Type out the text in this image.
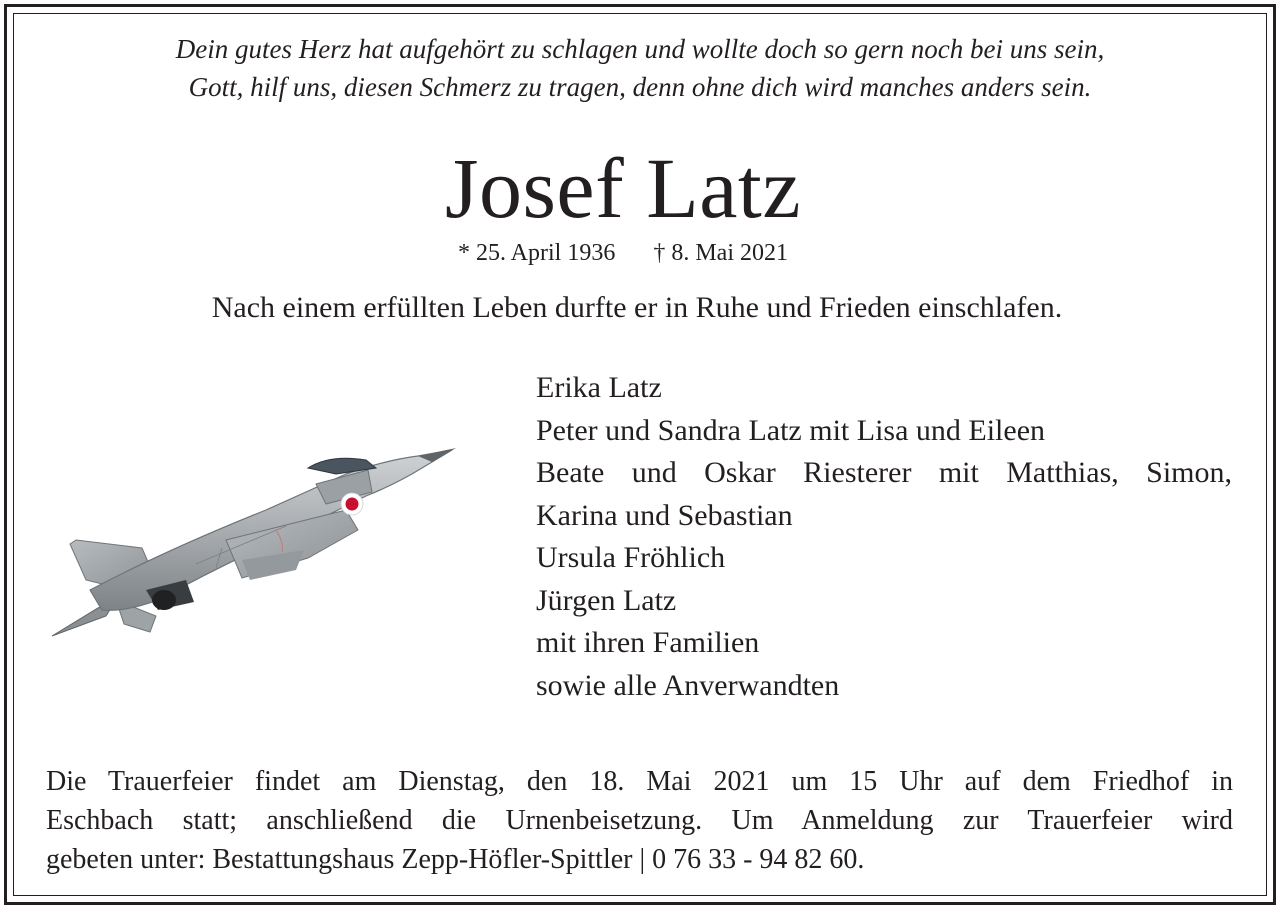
Dein gutes Herz hat aufgehört zu schlagen und wollte doch so gern noch bei uns sein,
Gott, hilf uns, diesen Schmerz zu tragen, denn ohne dich wird manches anders sein.
Josef Latz
* 25. April 1936 † 8. Mai 2021
Nach einem erfüllten Leben durfte er in Ruhe und Frieden einschlafen.
Erika Latz
Peter und Sandra Latz mit Lisa und Eileen
Beate und Oskar Riesterer mit Matthias, Simon,
Karina und Sebastian
Ursula Fröhlich
Jürgen Latz
mit ihren Familien
sowie alle Anverwandten
Die Trauerfeier findet am Dienstag, den 18. Mai 2021 um 15 Uhr auf dem Friedhof in
Eschbach statt; anschließend die Urnenbeisetzung. Um Anmeldung zur Trauerfeier wird
gebeten unter: Bestattungshaus Zepp-Höfler-Spittler | 0 76 33 - 94 82 60.
